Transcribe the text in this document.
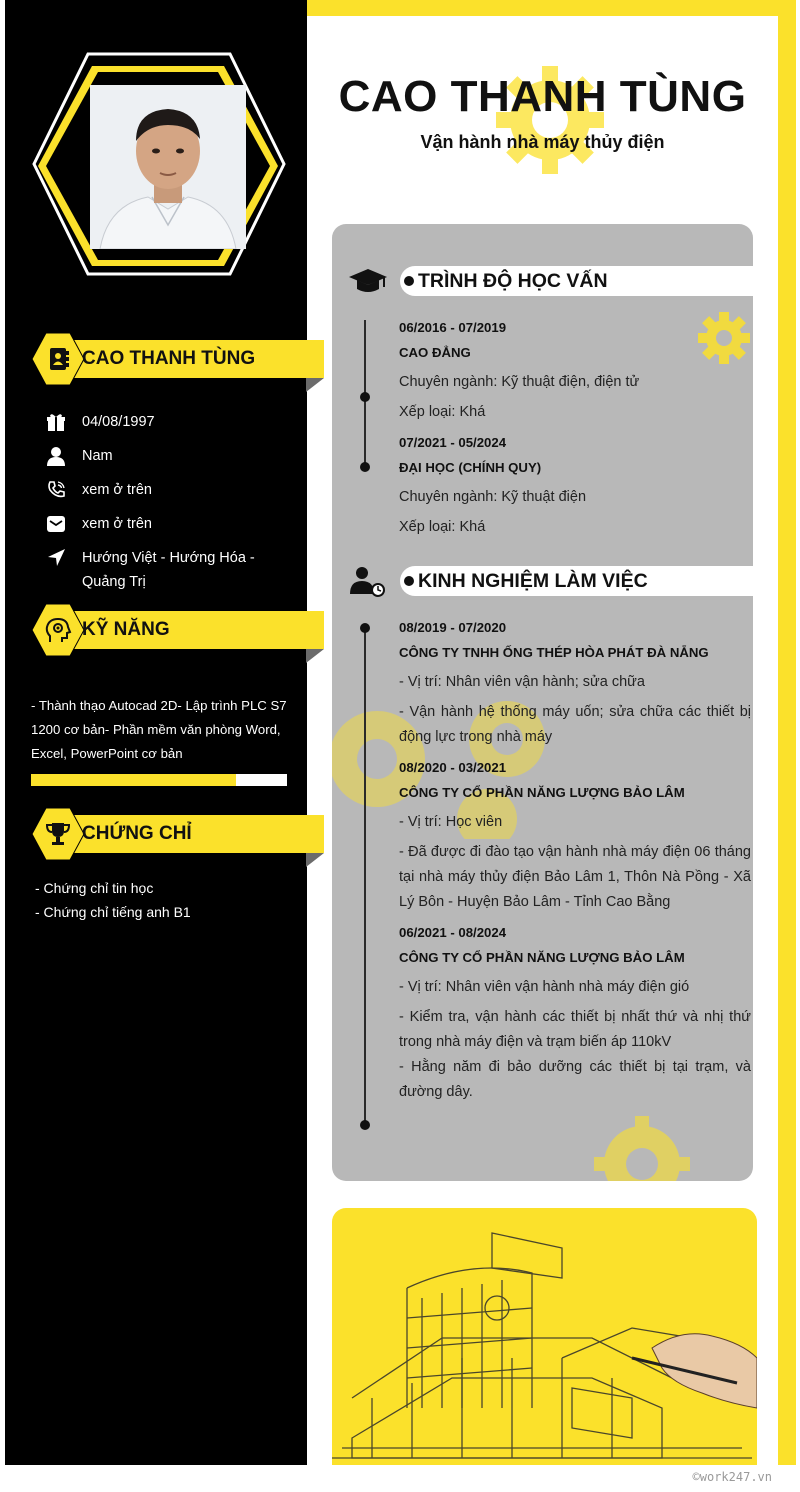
CAO THANH TÙNG
Vận hành nhà máy thủy điện
TRÌNH ĐỘ HỌC VẤN
06/2016 - 07/2019
CAO ĐẲNG
Chuyên ngành: Kỹ thuật điện, điện tử
Xếp loại: Khá
07/2021 - 05/2024
ĐẠI HỌC (CHÍNH QUY)
Chuyên ngành: Kỹ thuật điện
Xếp loại: Khá
KINH NGHIỆM LÀM VIỆC
08/2019 - 07/2020
CÔNG TY TNHH ỐNG THÉP HÒA PHÁT ĐÀ NẴNG
- Vị trí: Nhân viên vận hành; sửa chữa
- Vận hành hệ thống máy uốn; sửa chữa các thiết bị động lực trong nhà máy
08/2020 - 03/2021
CÔNG TY CỔ PHẦN NĂNG LƯỢNG BẢO LÂM
- Vị trí: Học viên
- Đã được đi đào tạo vận hành nhà máy điện 06 tháng tại nhà máy thủy điện Bảo Lâm 1, Thôn Nà Pồng - Xã Lý Bôn - Huyện Bảo Lâm - Tỉnh Cao Bằng
06/2021 - 08/2024
CÔNG TY CỔ PHẦN NĂNG LƯỢNG BẢO LÂM
- Vị trí: Nhân viên vận hành nhà máy điện gió
- Kiểm tra, vận hành các thiết bị nhất thứ và nhị thứ trong nhà máy điện và trạm biến áp 110kV
- Hằng năm đi bảo dưỡng các thiết bị tại trạm, và đường dây.
CAO THANH TÙNG
04/08/1997
Nam
xem ở trên
xem ở trên
Hướng Việt - Hướng Hóa - Quảng Trị
KỸ NĂNG
- Thành thạo Autocad 2D- Lập trình PLC S7 1200 cơ bản- Phần mềm văn phòng Word, Excel, PowerPoint cơ bản
CHỨNG CHỈ
- Chứng chỉ tin học
- Chứng chỉ tiếng anh B1
©work247.vn
